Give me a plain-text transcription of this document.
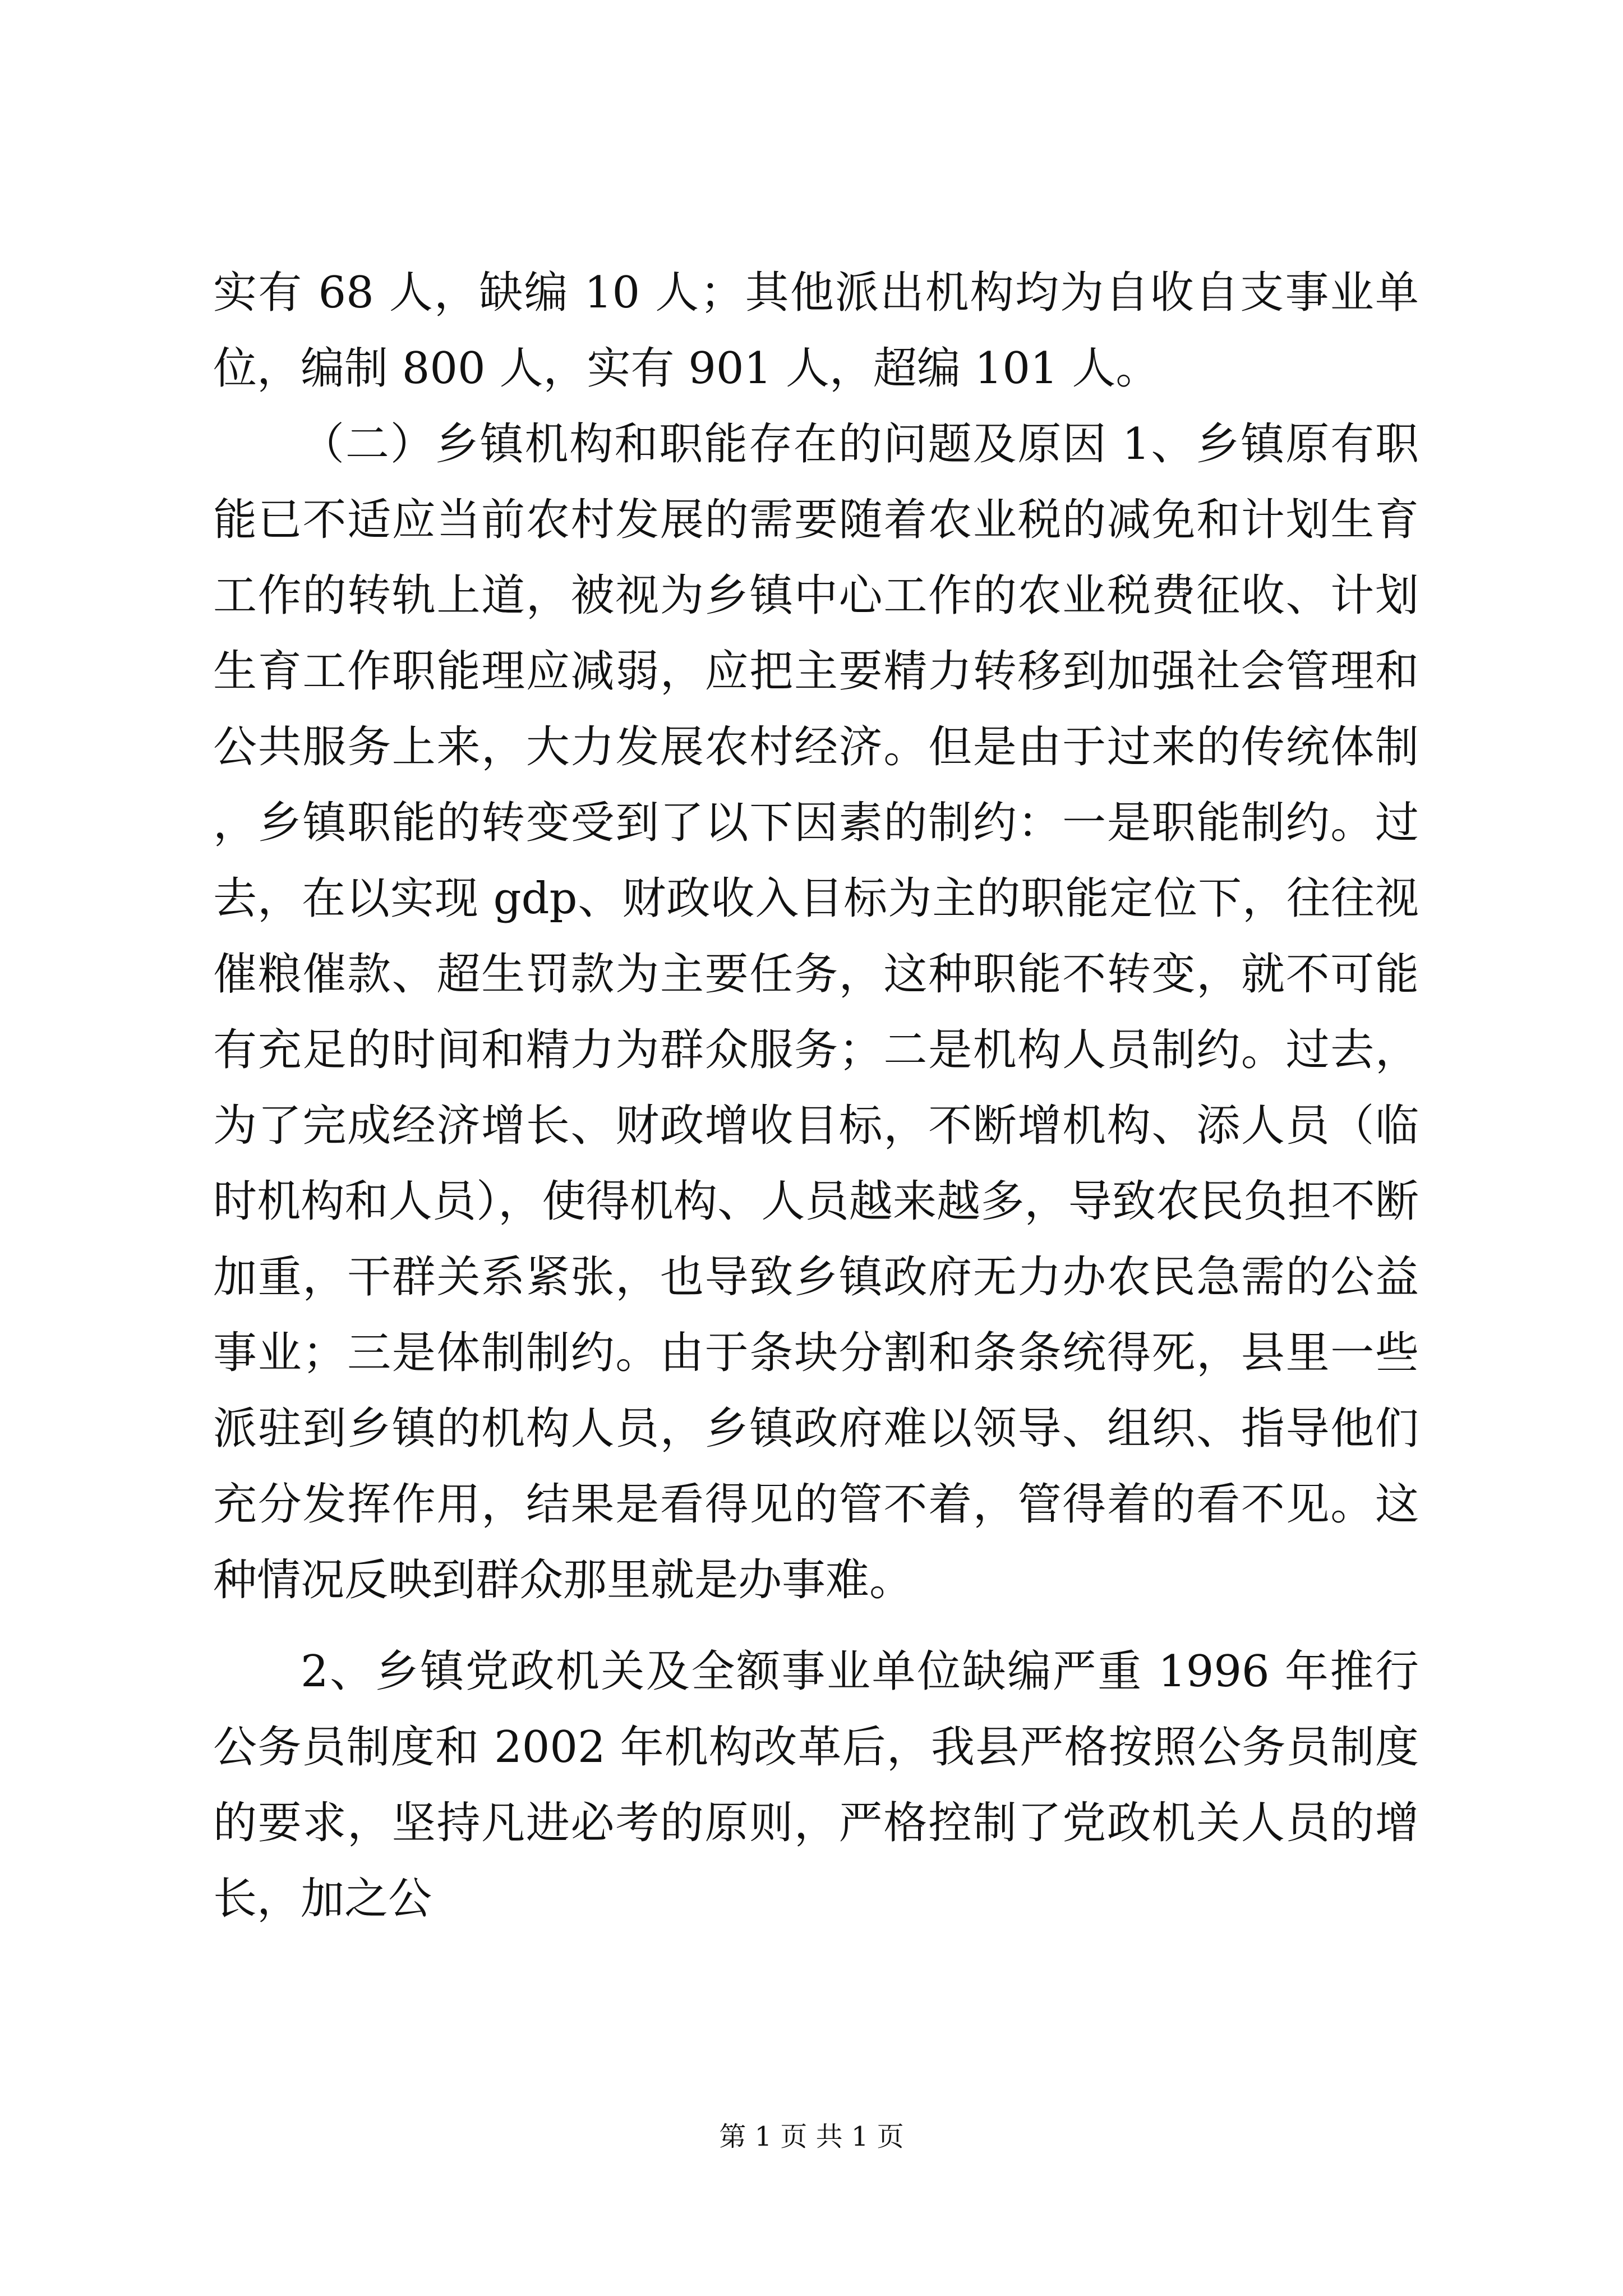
实有 68 人，缺编 10 人；其他派出机构均为自收自支事业单位，编制 800 人，实有 901 人，超编 101 人。

（二）乡镇机构和职能存在的问题及原因 1、乡镇原有职能已不适应当前农村发展的需要随着农业税的减免和计划生育工作的转轨上道，被视为乡镇中心工作的农业税费征收、计划生育工作职能理应减弱，应把主要精力转移到加强社会管理和公共服务上来，大力发展农村经济。但是由于过来的传统体制，乡镇职能的转变受到了以下因素的制约：一是职能制约。过去，在以实现 gdp、财政收入目标为主的职能定位下，往往视催粮催款、超生罚款为主要任务，这种职能不转变，就不可能有充足的时间和精力为群众服务；二是机构人员制约。过去，为了完成经济增长、财政增收目标，不断增机构、添人员（临时机构和人员），使得机构、人员越来越多，导致农民负担不断加重，干群关系紧张，也导致乡镇政府无力办农民急需的公益事业；三是体制制约。由于条块分割和条条统得死，县里一些派驻到乡镇的机构人员，乡镇政府难以领导、组织、指导他们充分发挥作用，结果是看得见的管不着，管得着的看不见。这种情况反映到群众那里就是办事难。

2、乡镇党政机关及全额事业单位缺编严重 1996 年推行公务员制度和 2002 年机构改革后，我县严格按照公务员制度的要求，坚持凡进必考的原则，严格控制了党政机关人员的增长，加之公

第 1 页 共 1 页
